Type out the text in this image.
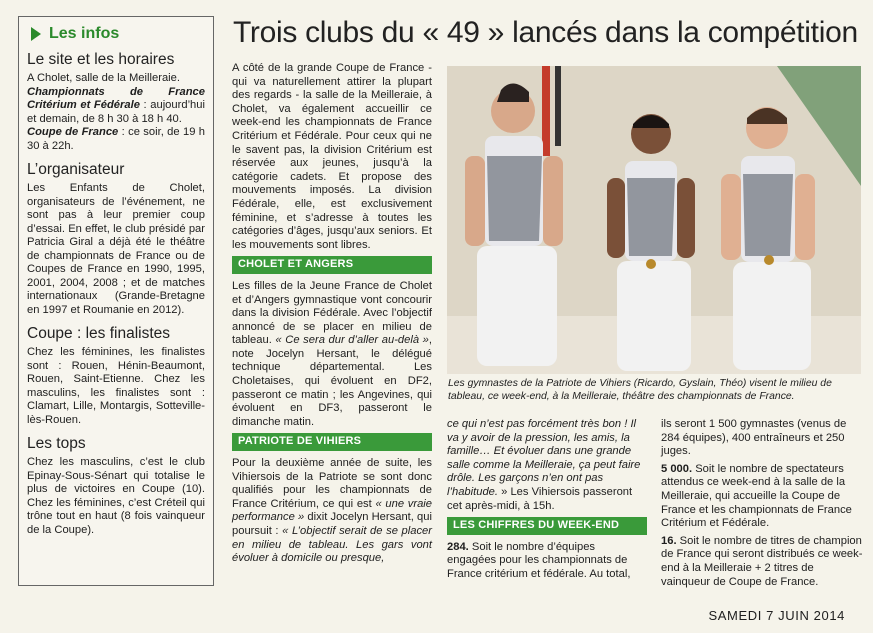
Les infos
Le site et les horaires

A Cholet, salle de la Meilleraie.
Championnats de France Critérium et Fédérale : aujourd’hui et demain, de 8 h 30 à 18 h 40.
Coupe de France : ce soir, de 19 h 30 à 22h.

L’organisateur

Les Enfants de Cholet, organisateurs de l’événement, ne sont pas à leur premier coup d’essai. En effet, le club présidé par Patricia Giral a déjà été le théâtre de championnats de France ou de Coupes de France en 1990, 1995, 2001, 2004, 2008 ; et de matches internationaux (Grande-Bretagne en 1997 et Roumanie en 2012).

Coupe : les finalistes

Chez les féminines, les finalistes sont : Rouen, Hénin-Beaumont, Rouen, Saint-Etienne. Chez les masculins, les finalistes sont : Clamart, Lille, Montargis, Sotteville-lès-Rouen.

Les tops

Chez les masculins, c’est le club Epinay-Sous-Sénart qui totalise le plus de victoires en Coupe (10). Chez les féminines, c’est Créteil qui trône tout en haut (8 fois vainqueur de la Coupe).

Trois clubs du « 49 » lancés dans la compétition

A côté de la grande Coupe de France - qui va naturellement attirer la plupart des regards - la salle de la Meilleraie, à Cholet, va également accueillir ce week-end les championnats de France Critérium et Fédérale. Pour ceux qui ne le savent pas, la division Critérium est réservée aux jeunes, jusqu’à la catégorie cadets. Et propose des mouvements imposés. La division Fédérale, elle, est exclusivement féminine, et s’adresse à toutes les catégories d’âges, jusqu’aux seniors. Et les mouvements sont libres.

CHOLET ET ANGERS

Les filles de la Jeune France de Cholet et d’Angers gymnastique vont concourir dans la division Fédérale. Avec l’objectif annoncé de se placer en milieu de tableau. « Ce sera dur d’aller au-delà », note Jocelyn Hersant, le délégué technique départemental. Les Choletaises, qui évoluent en DF2, passeront ce matin ; les Angevines, qui évoluent en DF3, passeront le dimanche matin.

PATRIOTE DE VIHIERS

Pour la deuxième année de suite, les Vihiersois de la Patriote se sont donc qualifiés pour les championnats de France Critérium, ce qui est « une vraie performance » dixit Jocelyn Hersant, qui poursuit : « L’objectif serait de se placer en milieu de tableau. Les gars vont évoluer à domicile ou presque,

Les gymnastes de la Patriote de Vihiers (Ricardo, Gyslain, Théo) visent le milieu de tableau, ce week-end, à la Meilleraie, théâtre des championnats de France.

ce qui n’est pas forcément très bon ! Il va y avoir de la pression, les amis, la famille… Et évoluer dans une grande salle comme la Meilleraie, ça peut faire drôle. Les garçons n’en ont pas l’habitude. » Les Vihiersois passeront cet après-midi, à 15h.

LES CHIFFRES DU WEEK-END

284. Soit le nombre d’équipes engagées pour les championnats de France critérium et fédérale. Au total,

ils seront 1 500 gymnastes (venus de 284 équipes), 400 entraîneurs et 250 juges.

5 000. Soit le nombre de spectateurs attendus ce week-end à la salle de la Meilleraie, qui accueille la Coupe de France et les championnats de France Critérium et Fédérale.

16. Soit le nombre de titres de champion de France qui seront distribués ce week-end à la Meilleraie + 2 titres de vainqueur de Coupe de France.

SAMEDI 7 JUIN 2014
